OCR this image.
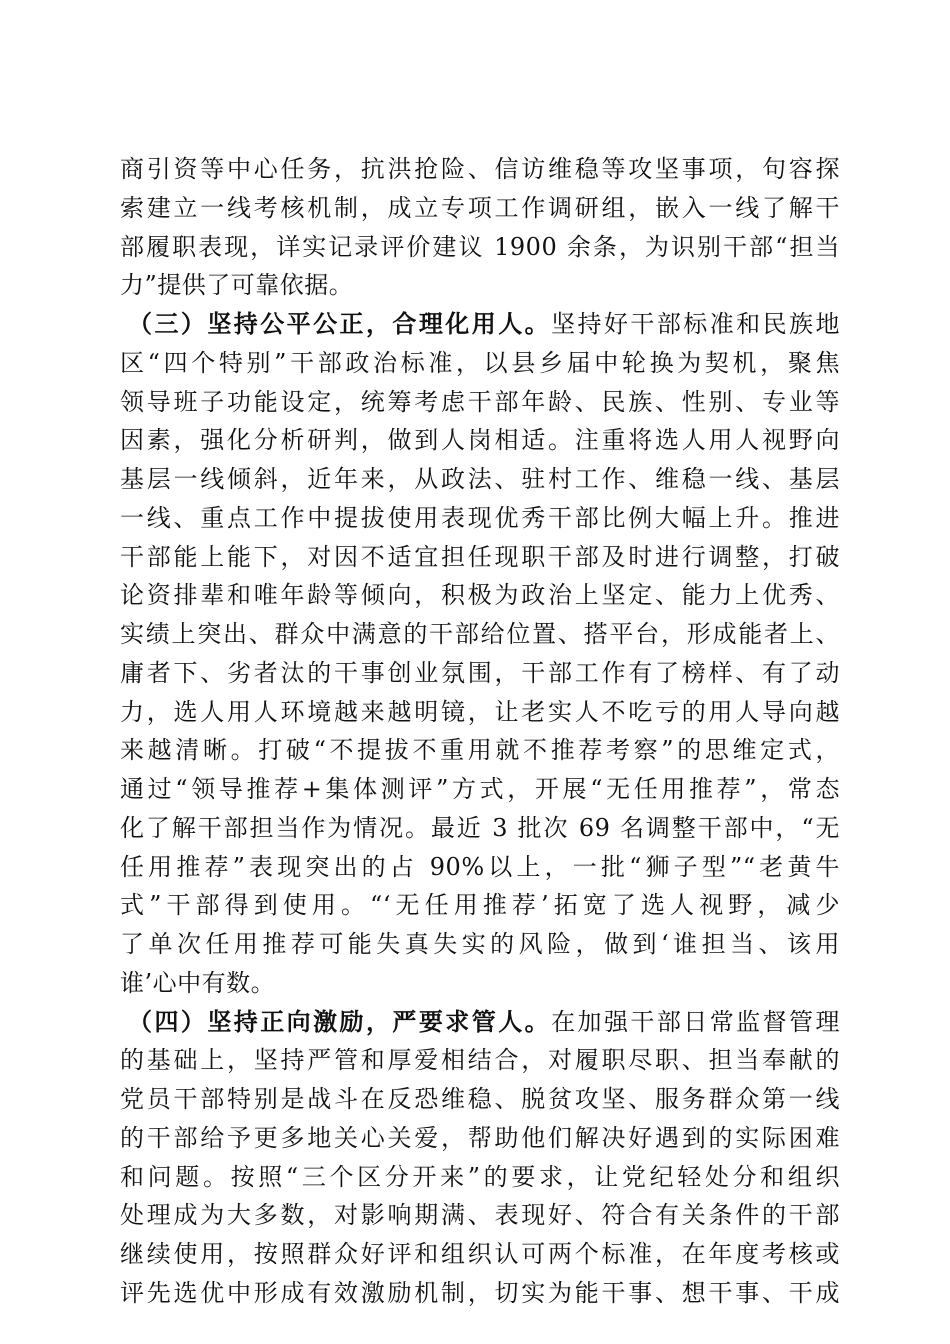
商引资等中心任务，抗洪抢险、信访维稳等攻坚事项，句容探
索建立一线考核机制，成立专项工作调研组，嵌入一线了解干
部履职表现，详实记录评价建议 1900 余条，为识别干部“担当
力”提供了可靠依据。
（三）坚持公平公正，合理化用人。坚持好干部标准和民族地
区“四个特别”干部政治标准，以县乡届中轮换为契机，聚焦
领导班子功能设定，统筹考虑干部年龄、民族、性别、专业等
因素，强化分析研判，做到人岗相适。注重将选人用人视野向
基层一线倾斜，近年来，从政法、驻村工作、维稳一线、基层
一线、重点工作中提拔使用表现优秀干部比例大幅上升。推进
干部能上能下，对因不适宜担任现职干部及时进行调整，打破
论资排辈和唯年龄等倾向，积极为政治上坚定、能力上优秀、
实绩上突出、群众中满意的干部给位置、搭平台，形成能者上、
庸者下、劣者汰的干事创业氛围，干部工作有了榜样、有了动
力，选人用人环境越来越明镜，让老实人不吃亏的用人导向越
来越清晰。打破“不提拔不重用就不推荐考察”的思维定式，
通过“领导推荐+集体测评”方式，开展“无任用推荐”，常态
化了解干部担当作为情况。最近 3 批次 69 名调整干部中，“无
任用推荐”表现突出的占 90%以上，一批“狮子型”“老黄牛
式”干部得到使用。“‘无任用推荐’拓宽了选人视野，减少
了单次任用推荐可能失真失实的风险，做到‘谁担当、该用
谁’心中有数。
（四）坚持正向激励，严要求管人。在加强干部日常监督管理
的基础上，坚持严管和厚爱相结合，对履职尽职、担当奉献的
党员干部特别是战斗在反恐维稳、脱贫攻坚、服务群众第一线
的干部给予更多地关心关爱，帮助他们解决好遇到的实际困难
和问题。按照“三个区分开来”的要求，让党纪轻处分和组织
处理成为大多数，对影响期满、表现好、符合有关条件的干部
继续使用，按照群众好评和组织认可两个标准，在年度考核或
评先选优中形成有效激励机制，切实为能干事、想干事、干成
